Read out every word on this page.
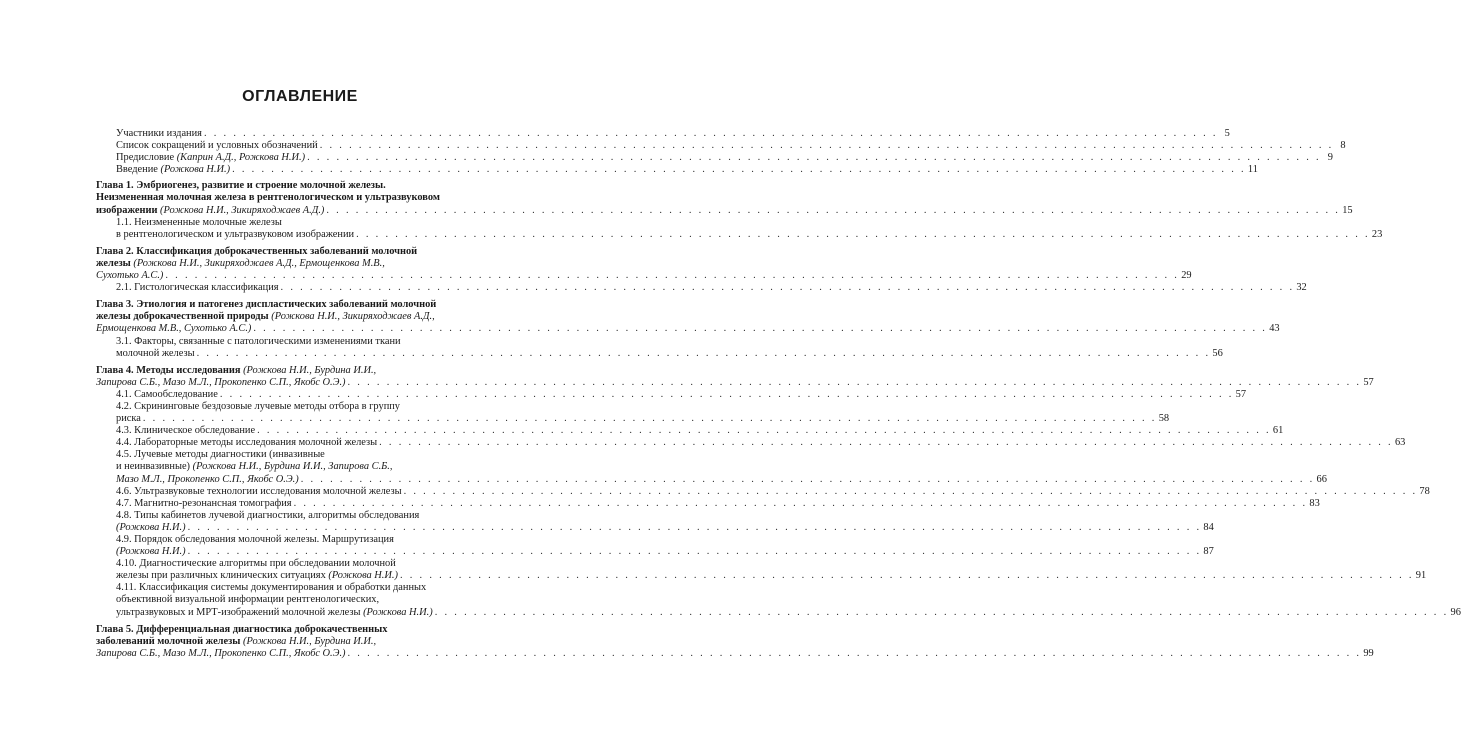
ОГЛАВЛЕНИЕ
Участники издания . . . . . . . . . . . . . . . . . . . . . . . . . . . . . . . . . . . . . . . . . . . . . . . . . . . . . . . . . . . . . . . . . . . . . . . . . . . . . . . . . . . . . . . . . . . . . . . . . . . . . . . . 5
Список сокращений и условных обозначений . . . . . . . . . . . . . . . . . . . . . . . . . . . . . . . . . . . . . . . . . . . . . . . . . . . . . . . . . . . . . . . . . . . . . . . . . . . . . . . . . . . . . . . . . . . . . . . . . . . . . . . . 8
Предисловие (Каприн А.Д., Рожкова Н.И.) . . . . . . . . . . . . . . . . . . . . . . . . . . . . . . . . . . . . . . . . . . . . . . . . . . . . . . . . . . . . . . . . . . . . . . . . . . . . . . . . . . . . . . . . . . . . . . . . . . . . . . . . 9
Введение (Рожкова Н.И.) . . . . . . . . . . . . . . . . . . . . . . . . . . . . . . . . . . . . . . . . . . . . . . . . . . . . . . . . . . . . . . . . . . . . . . . . . . . . . . . . . . . . . . . . . . . . . . . . . . . . . . . . 11
Глава 1. Эмбриогенез, развитие и строение молочной железы.
Неизмененная молочная железа в рентгенологическом и ультразвуковом
изображении (Рожкова Н.И., Зикиряходжаев А.Д.) . . . . . . . . . . . . . . . . . . . . . . . . . . . . . . . . . . . . . . . . . . . . . . . . . . . . . . . . . . . . . . . . . . . . . . . . . . . . . . . . . . . . . . . . . . . . . . . . . . . . . . . . 15
1.1. Неизмененные молочные железы
в рентгенологическом и ультразвуковом изображении . . . . . . . . . . . . . . . . . . . . . . . . . . . . . . . . . . . . . . . . . . . . . . . . . . . . . . . . . . . . . . . . . . . . . . . . . . . . . . . . . . . . . . . . . . . . . . . . . . . . . . . . 23
Глава 2. Классификация доброкачественных заболеваний молочной
железы (Рожкова Н.И., Зикиряходжаев А.Д., Ермощенкова М.В.,
Сухотько А.С.) . . . . . . . . . . . . . . . . . . . . . . . . . . . . . . . . . . . . . . . . . . . . . . . . . . . . . . . . . . . . . . . . . . . . . . . . . . . . . . . . . . . . . . . . . . . . . . . . . . . . . . . . 29
2.1. Гистологическая классификация . . . . . . . . . . . . . . . . . . . . . . . . . . . . . . . . . . . . . . . . . . . . . . . . . . . . . . . . . . . . . . . . . . . . . . . . . . . . . . . . . . . . . . . . . . . . . . . . . . . . . . . . 32
Глава 3. Этиология и патогенез диспластических заболеваний молочной
железы доброкачественной природы (Рожкова Н.И., Зикиряходжаев А.Д.,
Ермощенкова М.В., Сухотько А.С.) . . . . . . . . . . . . . . . . . . . . . . . . . . . . . . . . . . . . . . . . . . . . . . . . . . . . . . . . . . . . . . . . . . . . . . . . . . . . . . . . . . . . . . . . . . . . . . . . . . . . . . . . 43
3.1. Факторы, связанные с патологическими изменениями ткани
молочной железы . . . . . . . . . . . . . . . . . . . . . . . . . . . . . . . . . . . . . . . . . . . . . . . . . . . . . . . . . . . . . . . . . . . . . . . . . . . . . . . . . . . . . . . . . . . . . . . . . . . . . . . . 56
Глава 4. Методы исследования (Рожкова Н.И., Бурдина И.И.,
Запирова С.Б., Мазо М.Л., Прокопенко С.П., Якобс О.Э.) . . . . . . . . . . . . . . . . . . . . . . . . . . . . . . . . . . . . . . . . . . . . . . . . . . . . . . . . . . . . . . . . . . . . . . . . . . . . . . . . . . . . . . . . . . . . . . . . . . . . . . . . 57
4.1. Самообследование . . . . . . . . . . . . . . . . . . . . . . . . . . . . . . . . . . . . . . . . . . . . . . . . . . . . . . . . . . . . . . . . . . . . . . . . . . . . . . . . . . . . . . . . . . . . . . . . . . . . . . . . 57
4.2. Скрининговые бездозовые лучевые методы отбора в группу
риска . . . . . . . . . . . . . . . . . . . . . . . . . . . . . . . . . . . . . . . . . . . . . . . . . . . . . . . . . . . . . . . . . . . . . . . . . . . . . . . . . . . . . . . . . . . . . . . . . . . . . . . . 58
4.3. Клиническое обследование . . . . . . . . . . . . . . . . . . . . . . . . . . . . . . . . . . . . . . . . . . . . . . . . . . . . . . . . . . . . . . . . . . . . . . . . . . . . . . . . . . . . . . . . . . . . . . . . . . . . . . . . 61
4.4. Лабораторные методы исследования молочной железы . . . . . . . . . . . . . . . . . . . . . . . . . . . . . . . . . . . . . . . . . . . . . . . . . . . . . . . . . . . . . . . . . . . . . . . . . . . . . . . . . . . . . . . . . . . . . . . . . . . . . . . . 63
4.5. Лучевые методы диагностики (инвазивные
и неинвазивные) (Рожкова Н.И., Бурдина И.И., Запирова С.Б.,
Мазо М.Л., Прокопенко С.П., Якобс О.Э.) . . . . . . . . . . . . . . . . . . . . . . . . . . . . . . . . . . . . . . . . . . . . . . . . . . . . . . . . . . . . . . . . . . . . . . . . . . . . . . . . . . . . . . . . . . . . . . . . . . . . . . . . 66
4.6. Ультразвуковые технологии исследования молочной железы . . . . . . . . . . . . . . . . . . . . . . . . . . . . . . . . . . . . . . . . . . . . . . . . . . . . . . . . . . . . . . . . . . . . . . . . . . . . . . . . . . . . . . . . . . . . . . . . . . . . . . . . 78
4.7. Магнитно-резонансная томография . . . . . . . . . . . . . . . . . . . . . . . . . . . . . . . . . . . . . . . . . . . . . . . . . . . . . . . . . . . . . . . . . . . . . . . . . . . . . . . . . . . . . . . . . . . . . . . . . . . . . . . . 83
4.8. Типы кабинетов лучевой диагностики, алгоритмы обследования
(Рожкова Н.И.) . . . . . . . . . . . . . . . . . . . . . . . . . . . . . . . . . . . . . . . . . . . . . . . . . . . . . . . . . . . . . . . . . . . . . . . . . . . . . . . . . . . . . . . . . . . . . . . . . . . . . . . . 84
4.9. Порядок обследования молочной железы. Маршрутизация
(Рожкова Н.И.) . . . . . . . . . . . . . . . . . . . . . . . . . . . . . . . . . . . . . . . . . . . . . . . . . . . . . . . . . . . . . . . . . . . . . . . . . . . . . . . . . . . . . . . . . . . . . . . . . . . . . . . . 87
4.10. Диагностические алгоритмы при обследовании молочной
железы при различных клинических ситуациях (Рожкова Н.И.) . . . . . . . . . . . . . . . . . . . . . . . . . . . . . . . . . . . . . . . . . . . . . . . . . . . . . . . . . . . . . . . . . . . . . . . . . . . . . . . . . . . . . . . . . . . . . . . . . . . . . . . . 91
4.11. Классификация системы документирования и обработки данных
объективной визуальной информации рентгенологических,
ультразвуковых и МРТ-изображений молочной железы (Рожкова Н.И.) . . . . . . . . . . . . . . . . . . . . . . . . . . . . . . . . . . . . . . . . . . . . . . . . . . . . . . . . . . . . . . . . . . . . . . . . . . . . . . . . . . . . . . . . . . . . . . . . . . . . . . . . 96
Глава 5. Дифференциальная диагностика доброкачественных
заболеваний молочной железы (Рожкова Н.И., Бурдина И.И.,
Запирова С.Б., Мазо М.Л., Прокопенко С.П., Якобс О.Э.) . . . . . . . . . . . . . . . . . . . . . . . . . . . . . . . . . . . . . . . . . . . . . . . . . . . . . . . . . . . . . . . . . . . . . . . . . . . . . . . . . . . . . . . . . . . . . . . . . . . . . . . . 99
